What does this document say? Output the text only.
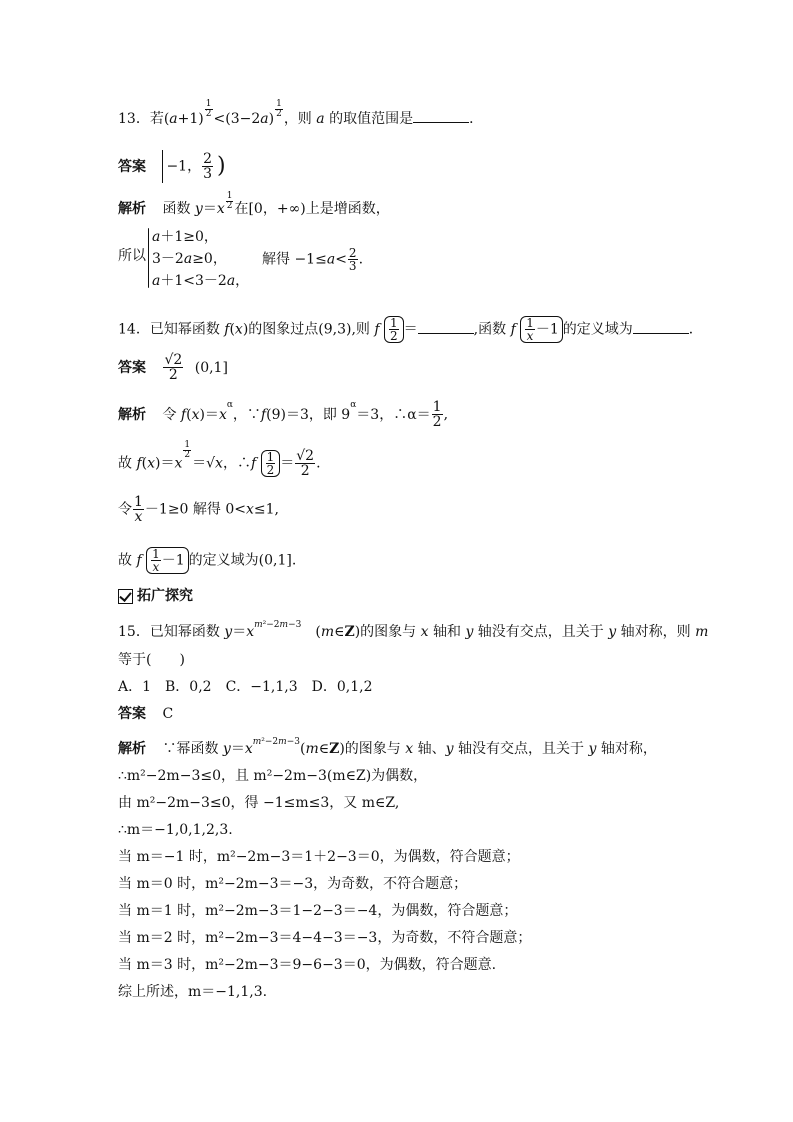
13．若$(a+1) \frac{1}{2} <(3-2a) \frac{1}{2}$ ，则 a 的取值范围是	．
答案 −1， $\frac{2}{3}$ )
解析 函数 $y=x \frac{1}{2}$ 在[0，+∞)上是增函数，
所以
a＋1≥0，
3－2a≥0，
a＋1<3－2a，
解得 $-1\le a< \frac{2}{3}$ .
14．已知幂函数 f(x)的图象过点(9,3),则 f $\frac{1}{2}$ ＝	,函数 f $\frac{1}{x} -1$ 的定义域为	．
答案 $\frac{√2}{2} (0,1]$
解析 令 $f(x)=x^\alpha$，∵f(9)＝3，即 $9^\alpha=3$，∴α＝ $\frac{1}{2}$ ,
故 f(x)＝x
$\frac{1}{2}$
＝√x，∴f $\frac{1}{2} = \frac{√2}{2}$ .
令 $\frac{1}{x} -1\ge 0$ 解得 0<x≤1,
故 f $\frac{1}{x} -1$ 的定义域为(0,1].
拓广探究
15．已知幂函数 $y=x^{m^2-2m-3}$　(m∈Z)的图象与 x 轴和 y 轴没有交点，且关于 y 轴对称，则 m
等于(　　)
A．1　B．0,2　C．−1,1,3　D．0,1,2
答案 C
解析 ∵幂函数 $y=x^{m^2-2m-3}(m\in Z)$的图象与 x 轴、y 轴没有交点，且关于 y 轴对称，
∴m²−2m−3≤0，且 m²−2m−3(m∈Z)为偶数，
由 m²−2m−3≤0，得 −1≤m≤3，又 m∈Z,
∴m＝−1,0,1,2,3.
当 m＝−1 时，m²−2m−3＝1＋2−3＝0，为偶数，符合题意；
当 m＝0 时，m²−2m−3＝−3，为奇数，不符合题意；
当 m＝1 时，m²−2m−3＝1−2−3＝−4，为偶数，符合题意；
当 m＝2 时，m²−2m−3＝4−4−3＝−3，为奇数，不符合题意；
当 m＝3 时，m²−2m−3＝9−6−3＝0，为偶数，符合题意.
综上所述，m＝−1,1,3.
